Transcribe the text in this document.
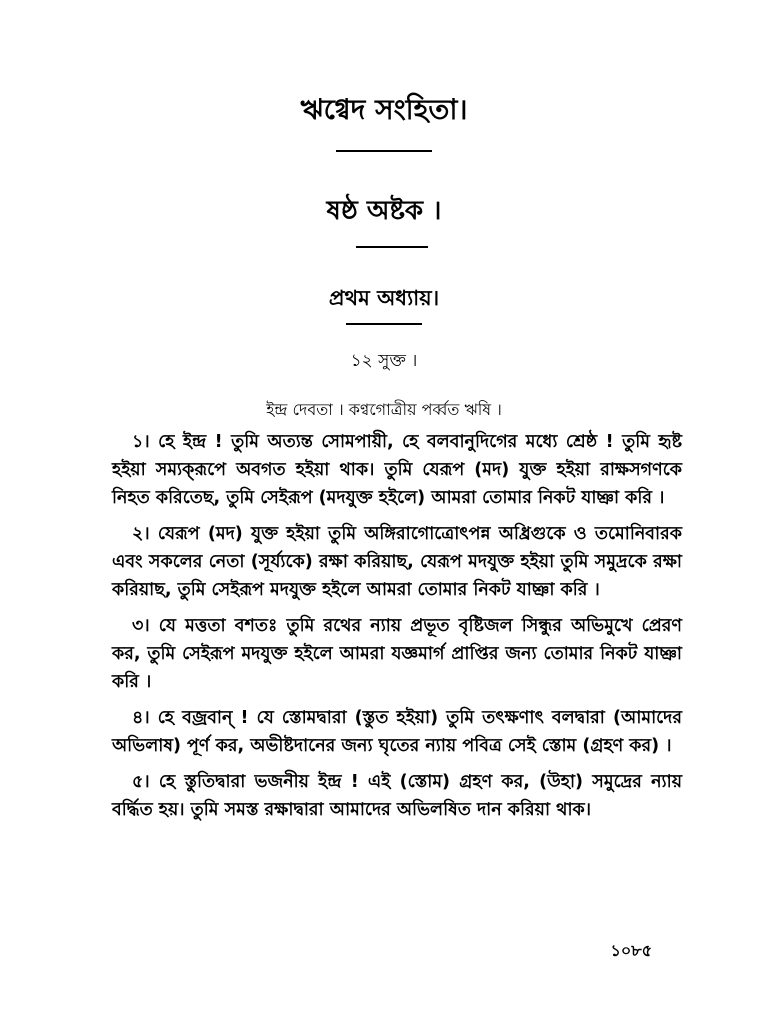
ঋগ্বেদ সংহিতা।
ষষ্ঠ অষ্টক ।
প্রথম অধ্যায়।
১২ সুক্ত ।
ইন্দ্র দেবতা । কণ্বগোত্রীয় পর্ব্বত ঋষি ।

১। হে ইন্দ্র ! তুমি অত্যন্ত সোমপায়ী, হে বলবানুদিগের মধ্যে শ্রেষ্ঠ ! তুমি হৃষ্ট হইয়া সম্যক্‌রূপে অবগত হইয়া থাক। তুমি যেরূপ (মদ) যুক্ত হইয়া রাক্ষসগণকে নিহত করিতেছ, তুমি সেইরূপ (মদযুক্ত হইলে) আমরা তোমার নিকট যাচ্ঞা করি ।

২। যেরূপ (মদ) যুক্ত হইয়া তুমি অঙ্গিরাগোত্রোৎপন্ন অধ্রিগুকে ও তমোনিবারক এবং সকলের নেতা (সূর্য্যকে) রক্ষা করিয়াছ, যেরূপ মদযুক্ত হইয়া তুমি সমুদ্রকে রক্ষা করিয়াছ, তুমি সেইরূপ মদযুক্ত হইলে আমরা তোমার নিকট যাচ্ঞা করি ।

৩। যে মত্ততা বশতঃ তুমি রথের ন্যায় প্রভূত বৃষ্টিজল সিন্ধুর অভিমুখে প্রেরণ কর, তুমি সেইরূপ মদযুক্ত হইলে আমরা যজ্ঞমার্গ প্রাপ্তির জন্য তোমার নিকট যাচ্ঞা করি ।

৪। হে বজ্রবান্ ! যে স্তোমদ্বারা (স্তুত হইয়া) তুমি তৎক্ষণাৎ বলদ্বারা (আমাদের অভিলাষ) পূর্ণ কর, অভীষ্টদানের জন্য ঘৃতের ন্যায় পবিত্র সেই স্তোম (গ্রহণ কর) ।

৫। হে স্তুতিদ্বারা ভজনীয় ইন্দ্র ! এই (স্তোম) গ্রহণ কর, (উহা) সমুদ্রের ন্যায় বর্দ্ধিত হয়। তুমি সমস্ত রক্ষাদ্বারা আমাদের অভিলষিত দান করিয়া থাক।

১০৮৫
